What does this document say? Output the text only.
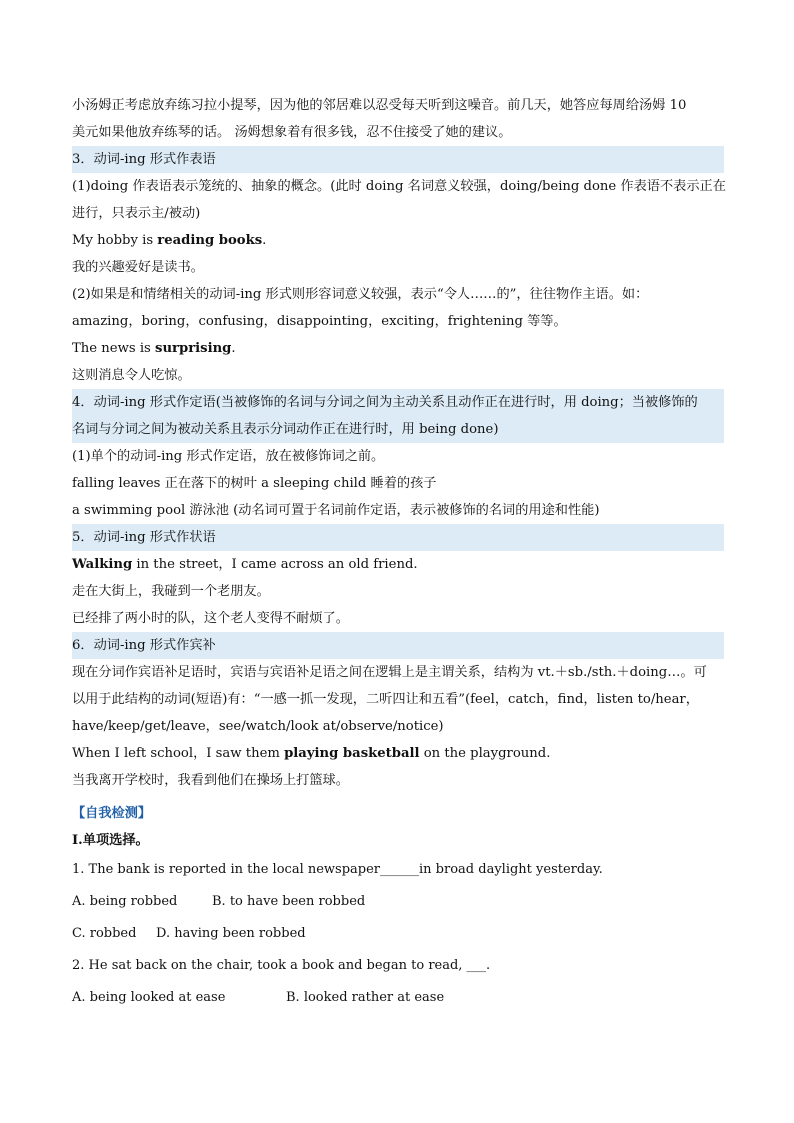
小汤姆正考虑放弃练习拉小提琴，因为他的邻居难以忍受每天听到这噪音。前几天，她答应每周给汤姆 10
美元如果他放弃练琴的话。 汤姆想象着有很多钱，忍不住接受了她的建议。
3．动词-ing 形式作表语
(1)doing 作表语表示笼统的、抽象的概念。(此时 doing 名词意义较强，doing/being done 作表语不表示正在
进行，只表示主/被动)
My hobby is reading books.
我的兴趣爱好是读书。
(2)如果是和情绪相关的动词-ing 形式则形容词意义较强，表示“令人……的”，往往物作主语。如：
amazing，boring，confusing，disappointing，exciting，frightening 等等。
The news is surprising.
这则消息令人吃惊。
4．动词-ing 形式作定语(当被修饰的名词与分词之间为主动关系且动作正在进行时，用 doing；当被修饰的
名词与分词之间为被动关系且表示分词动作正在进行时，用 being done)
(1)单个的动词-ing 形式作定语，放在被修饰词之前。
falling leaves 正在落下的树叶 a sleeping child 睡着的孩子
a swimming pool 游泳池 (动名词可置于名词前作定语，表示被修饰的名词的用途和性能)
5．动词-ing 形式作状语
Walking in the street，I came across an old friend.
走在大街上，我碰到一个老朋友。
已经排了两小时的队，这个老人变得不耐烦了。
6．动词-ing 形式作宾补
现在分词作宾语补足语时，宾语与宾语补足语之间在逻辑上是主谓关系，结构为 vt.＋sb./sth.＋doing…。可
以用于此结构的动词(短语)有：“一感一抓一发现，二听四让和五看”(feel，catch，find，listen to/hear，
have/keep/get/leave，see/watch/look at/observe/notice)
When I left school，I saw them playing basketball on the playground.
当我离开学校时，我看到他们在操场上打篮球。
【自我检测】
I.单项选择。
1. The bank is reported in the local newspaper______in broad daylight yesterday.
A. being robbed	B. to have been robbed
C. robbed D. having been robbed
2. He sat back on the chair, took a book and began to read, ___.
A. being looked at ease	B. looked rather at ease
